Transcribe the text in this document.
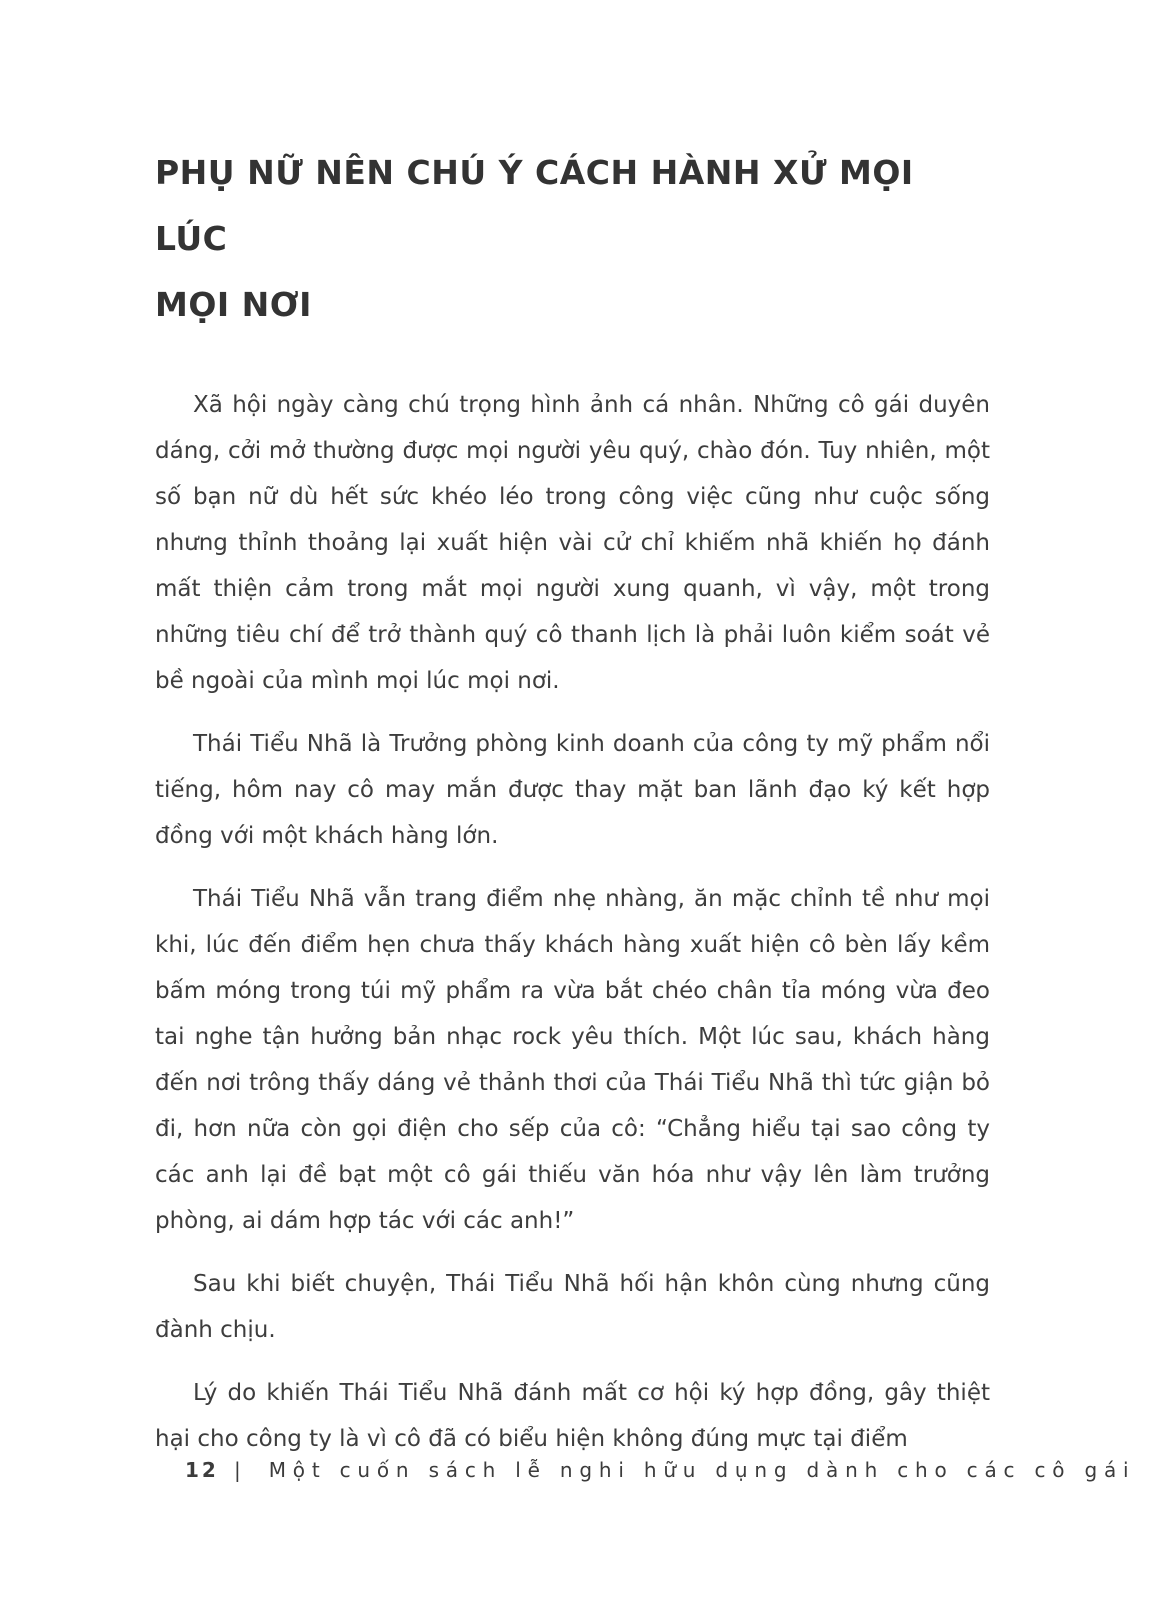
PHỤ NỮ NÊN CHÚ Ý CÁCH HÀNH XỬ MỌI LÚC
MỌI NƠI

Xã hội ngày càng chú trọng hình ảnh cá nhân. Những cô gái duyên dáng, cởi mở thường được mọi người yêu quý, chào đón. Tuy nhiên, một số bạn nữ dù hết sức khéo léo trong công việc cũng như cuộc sống nhưng thỉnh thoảng lại xuất hiện vài cử chỉ khiếm nhã khiến họ đánh mất thiện cảm trong mắt mọi người xung quanh, vì vậy, một trong những tiêu chí để trở thành quý cô thanh lịch là phải luôn kiểm soát vẻ bề ngoài của mình mọi lúc mọi nơi.

Thái Tiểu Nhã là Trưởng phòng kinh doanh của công ty mỹ phẩm nổi tiếng, hôm nay cô may mắn được thay mặt ban lãnh đạo ký kết hợp đồng với một khách hàng lớn.

Thái Tiểu Nhã vẫn trang điểm nhẹ nhàng, ăn mặc chỉnh tề như mọi khi, lúc đến điểm hẹn chưa thấy khách hàng xuất hiện cô bèn lấy kềm bấm móng trong túi mỹ phẩm ra vừa bắt chéo chân tỉa móng vừa đeo tai nghe tận hưởng bản nhạc rock yêu thích. Một lúc sau, khách hàng đến nơi trông thấy dáng vẻ thảnh thơi của Thái Tiểu Nhã thì tức giận bỏ đi, hơn nữa còn gọi điện cho sếp của cô: “Chẳng hiểu tại sao công ty các anh lại đề bạt một cô gái thiếu văn hóa như vậy lên làm trưởng phòng, ai dám hợp tác với các anh!”

Sau khi biết chuyện, Thái Tiểu Nhã hối hận khôn cùng nhưng cũng đành chịu.

Lý do khiến Thái Tiểu Nhã đánh mất cơ hội ký hợp đồng, gây thiệt hại cho công ty là vì cô đã có biểu hiện không đúng mực tại điểm

12 | Một cuốn sách lễ nghi hữu dụng dành cho các cô gái
